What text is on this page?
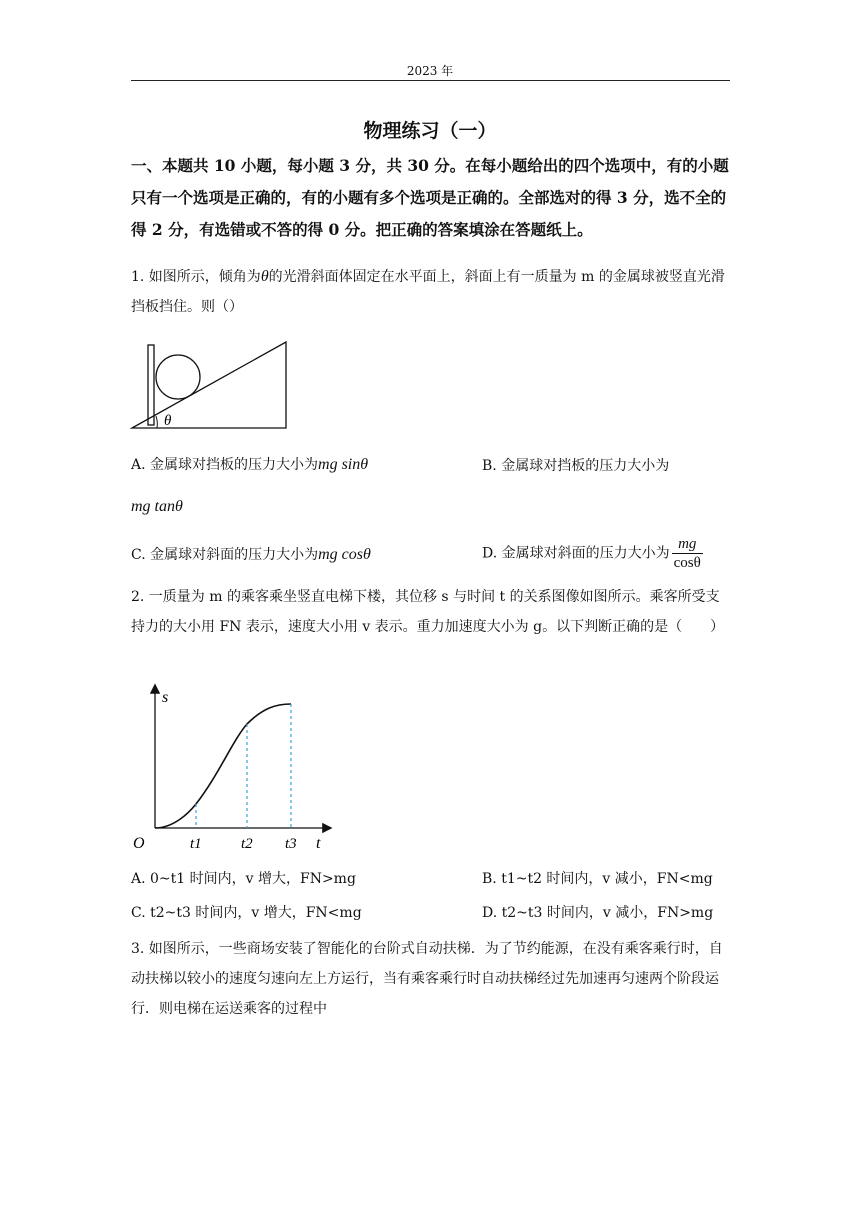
2023 年
物理练习（一）
一、本题共 10 小题，每小题 3 分，共 30 分。在每小题给出的四个选项中，有的小题只有一个选项是正确的，有的小题有多个选项是正确的。全部选对的得 3 分，选不全的得 2 分，有选错或不答的得 0 分。把正确的答案填涂在答题纸上。
1. 如图所示，倾角为θ的光滑斜面体固定在水平面上，斜面上有一质量为 m 的金属球被竖直光滑挡板挡住。则（）
θ
A. 金属球对挡板的压力大小为mg sinθ	B. 金属球对挡板的压力大小为
mg tanθ
C. 金属球对斜面的压力大小为mg cosθ	D. 金属球对斜面的压力大小为 $\frac{mg}{\cos\theta}$
2. 一质量为 m 的乘客乘坐竖直电梯下楼，其位移 s 与时间 t 的关系图像如图所示。乘客所受支持力的大小用 FN 表示，速度大小用 v 表示。重力加速度大小为 g。以下判断正确的是（　　）
s
t
O	t1	t2 t3
A. 0~t1 时间内，v 增大，FN>mg	B. t1~t2 时间内，v 减小，FN<mg
C. t2~t3 时间内，v 增大，FN<mg	D. t2~t3 时间内，v 减小，FN>mg
3. 如图所示，一些商场安装了智能化的台阶式自动扶梯．为了节约能源，在没有乘客乘行时，自动扶梯以较小的速度匀速向左上方运行，当有乘客乘行时自动扶梯经过先加速再匀速两个阶段运行．则电梯在运送乘客的过程中
